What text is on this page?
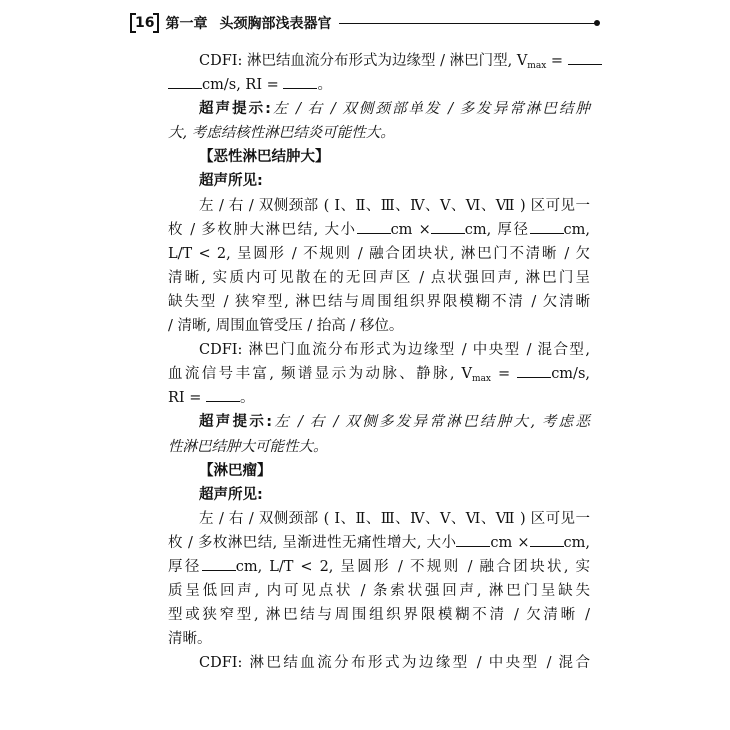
16 第一章 头颈胸部浅表器官
CDFI: 淋巴结血流分布形式为边缘型 / 淋巴门型, $V_{max}$ =
cm/s, RI = 。
超声提示:左 / 右 / 双侧颈部单发 / 多发异常淋巴结肿
大, 考虑结核性淋巴结炎可能性大。
【恶性淋巴结肿大】
超声所见:
左 / 右 / 双侧颈部 ( Ⅰ、Ⅱ、Ⅲ、Ⅳ、Ⅴ、Ⅵ、Ⅶ ) 区可见一
枚 / 多枚肿大淋巴结, 大小 cm × cm, 厚径 cm,
L/T < 2, 呈圆形 / 不规则 / 融合团块状, 淋巴门不清晰 / 欠
清晰, 实质内可见散在的无回声区 / 点状强回声, 淋巴门呈
缺失型 / 狭窄型, 淋巴结与周围组织界限模糊不清 / 欠清晰
/ 清晰, 周围血管受压 / 抬高 / 移位。
CDFI: 淋巴门血流分布形式为边缘型 / 中央型 / 混合型,
血流信号丰富, 频谱显示为动脉、静脉, $V_{max} = cm/s$,
RI = 。
超声提示:左 / 右 / 双侧多发异常淋巴结肿大, 考虑恶
性淋巴结肿大可能性大。
【淋巴瘤】
超声所见:
左 / 右 / 双侧颈部 ( Ⅰ、Ⅱ、Ⅲ、Ⅳ、Ⅴ、Ⅵ、Ⅶ ) 区可见一
枚 / 多枚淋巴结, 呈渐进性无痛性增大, 大小 cm × cm,
厚径 cm, L/T < 2, 呈圆形 / 不规则 / 融合团块状, 实
质呈低回声, 内可见点状 / 条索状强回声, 淋巴门呈缺失
型或狭窄型, 淋巴结与周围组织界限模糊不清 / 欠清晰 /
清晰。
CDFI: 淋巴结血流分布形式为边缘型 / 中央型 / 混合
